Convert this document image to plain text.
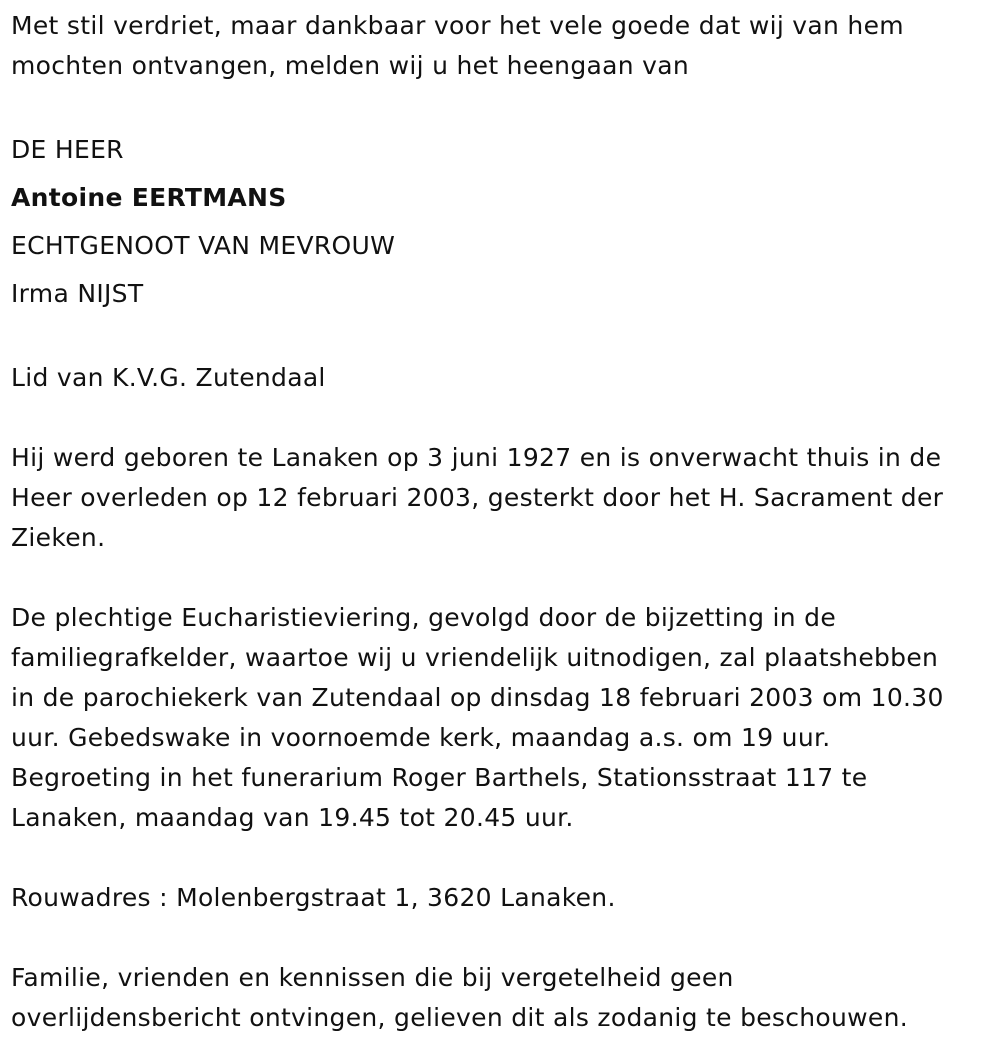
Met stil verdriet, maar dankbaar voor het vele goede dat wij van hem
mochten ontvangen, melden wij u het heengaan van

DE HEER
Antoine EERTMANS
ECHTGENOOT VAN MEVROUW
Irma NIJST

Lid van K.V.G. Zutendaal

Hij werd geboren te Lanaken op 3 juni 1927 en is onverwacht thuis in de
Heer overleden op 12 februari 2003, gesterkt door het H. Sacrament der
Zieken.

De plechtige Eucharistieviering, gevolgd door de bijzetting in de
familiegrafkelder, waartoe wij u vriendelijk uitnodigen, zal plaatshebben
in de parochiekerk van Zutendaal op dinsdag 18 februari 2003 om 10.30
uur. Gebedswake in voornoemde kerk, maandag a.s. om 19 uur.
Begroeting in het funerarium Roger Barthels, Stationsstraat 117 te
Lanaken, maandag van 19.45 tot 20.45 uur.

Rouwadres : Molenbergstraat 1, 3620 Lanaken.

Familie, vrienden en kennissen die bij vergetelheid geen
overlijdensbericht ontvingen, gelieven dit als zodanig te beschouwen.
